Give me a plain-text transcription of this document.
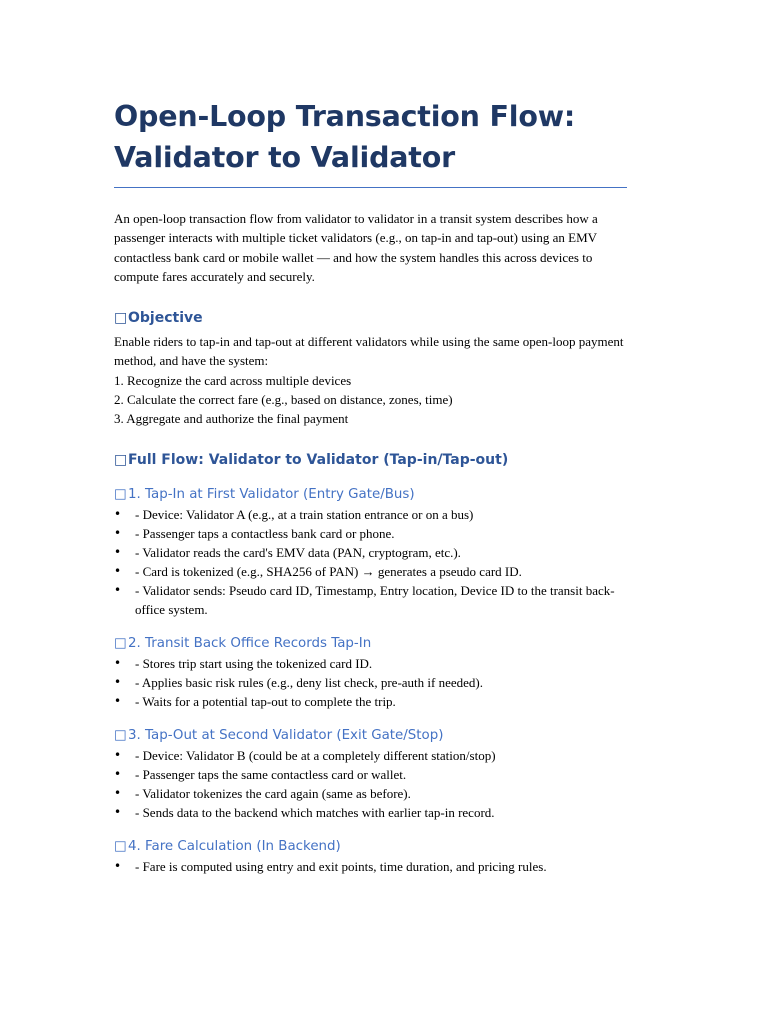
Open-Loop Transaction Flow: Validator to Validator

An open-loop transaction flow from validator to validator in a transit system describes how a passenger interacts with multiple ticket validators (e.g., on tap-in and tap-out) using an EMV contactless bank card or mobile wallet — and how the system handles this across devices to compute fares accurately and securely.

□Objective

Enable riders to tap-in and tap-out at different validators while using the same open-loop payment method, and have the system:

1. Recognize the card across multiple devices

2. Calculate the correct fare (e.g., based on distance, zones, time)

3. Aggregate and authorize the final payment

□Full Flow: Validator to Validator (Tap-in/Tap-out)
□1. Tap-In at First Validator (Entry Gate/Bus)
• - Device: Validator A (e.g., at a train station entrance or on a bus)
• - Passenger taps a contactless bank card or phone.
• - Validator reads the card's EMV data (PAN, cryptogram, etc.).
• - Card is tokenized (e.g., SHA256 of PAN) → generates a pseudo card ID.
• - Validator sends: Pseudo card ID, Timestamp, Entry location, Device ID to the transit back-office system.
□2. Transit Back Office Records Tap-In
• - Stores trip start using the tokenized card ID.
• - Applies basic risk rules (e.g., deny list check, pre-auth if needed).
• - Waits for a potential tap-out to complete the trip.
□3. Tap-Out at Second Validator (Exit Gate/Stop)
• - Device: Validator B (could be at a completely different station/stop)
• - Passenger taps the same contactless card or wallet.
• - Validator tokenizes the card again (same as before).
• - Sends data to the backend which matches with earlier tap-in record.
□4. Fare Calculation (In Backend)
• - Fare is computed using entry and exit points, time duration, and pricing rules.
